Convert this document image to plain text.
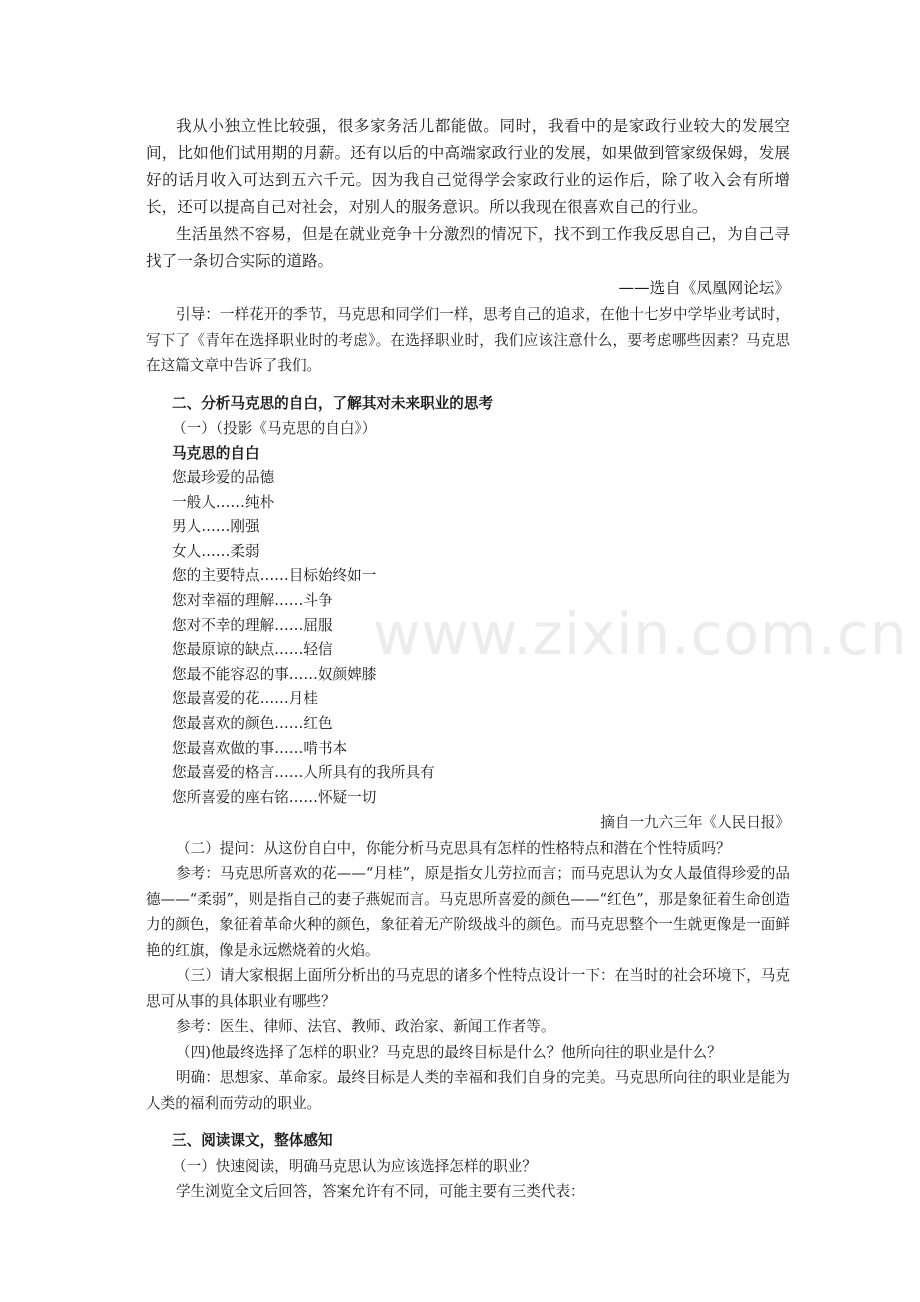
我从小独立性比较强，很多家务活儿都能做。同时，我看中的是家政行业较大的发展空间，比如他们试用期的月薪。还有以后的中高端家政行业的发展，如果做到管家级保姆，发展好的话月收入可达到五六千元。因为我自己觉得学会家政行业的运作后，除了收入会有所增长，还可以提高自己对社会，对别人的服务意识。所以我现在很喜欢自己的行业。

生活虽然不容易，但是在就业竞争十分激烈的情况下，找不到工作我反思自己，为自己寻找了一条切合实际的道路。

——选自《凤凰网论坛》

引导：一样花开的季节，马克思和同学们一样，思考自己的追求，在他十七岁中学毕业考试时，写下了《青年在选择职业时的考虑》。在选择职业时，我们应该注意什么，要考虑哪些因素？马克思在这篇文章中告诉了我们。

二、分析马克思的自白，了解其对未来职业的思考

（一）（投影《马克思的自白》）

马克思的自白

您最珍爱的品德
一般人……纯朴
男人……刚强
女人……柔弱
您的主要特点……目标始终如一
您对幸福的理解……斗争
您对不幸的理解……屈服
您最原谅的缺点……轻信
您最不能容忍的事……奴颜婢膝
您最喜爱的花……月桂
您最喜欢的颜色……红色
您最喜欢做的事……啃书本
您最喜爱的格言……人所具有的我所具有
您所喜爱的座右铭……怀疑一切

摘自一九六三年《人民日报》

（二）提问：从这份自白中，你能分析马克思具有怎样的性格特点和潜在个性特质吗？

参考：马克思所喜欢的花——“月桂”，原是指女儿劳拉而言；而马克思认为女人最值得珍爱的品德——“柔弱”，则是指自己的妻子燕妮而言。马克思所喜爱的颜色——“红色”，那是象征着生命创造力的颜色，象征着革命火种的颜色，象征着无产阶级战斗的颜色。而马克思整个一生就更像是一面鲜艳的红旗，像是永远燃烧着的火焰。

（三）请大家根据上面所分析出的马克思的诸多个性特点设计一下：在当时的社会环境下，马克思可从事的具体职业有哪些？

参考：医生、律师、法官、教师、政治家、新闻工作者等。

（四)他最终选择了怎样的职业？马克思的最终目标是什么？他所向往的职业是什么？

明确：思想家、革命家。最终目标是人类的幸福和我们自身的完美。马克思所向往的职业是能为人类的福利而劳动的职业。

三、阅读课文，整体感知

（一）快速阅读，明确马克思认为应该选择怎样的职业？

学生浏览全文后回答，答案允许有不同，可能主要有三类代表：

www.zixin.com.cn
